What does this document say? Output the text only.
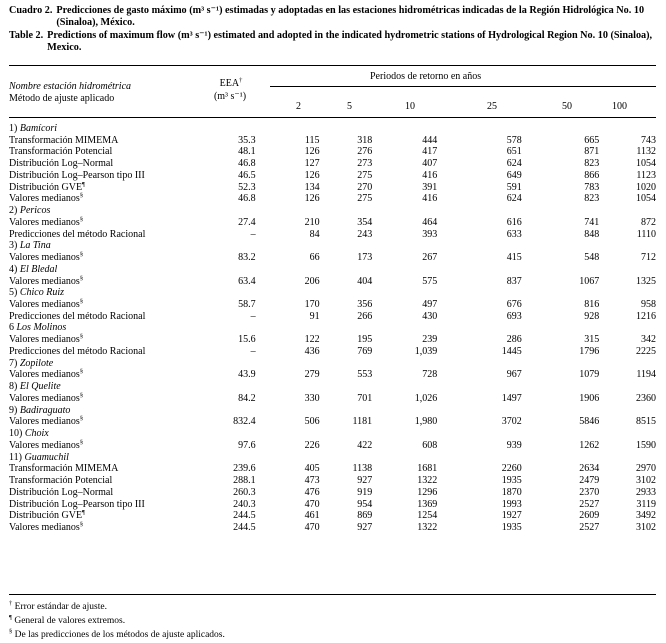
Cuadro 2. Predicciones de gasto máximo (m³ s⁻¹) estimadas y adoptadas en las estaciones hidrométricas indicadas de la Región Hidrológica No. 10 (Sinaloa), México.
Table 2. Predictions of maximum flow (m³ s⁻¹) estimated and adopted in the indicated hydrometric stations of Hydrological Region No. 10 (Sinaloa), Mexico.
Nombre estación hidrométrica
Método de ajuste aplicado
EEA†
(m³ s⁻¹)
Periodos de retorno en años
2	5	10	25	50	100
1) Bamícori								
Transformación MIMEMA	35.3		115	318	444	578	665	743
Transformación Potencial	48.1		126	276	417	651	871	1132
Distribución Log–Normal	46.8		127	273	407	624	823	1054
Distribución Log–Pearson tipo III	46.5		126	275	416	649	866	1123
Distribución GVE¶	52.3		134	270	391	591	783	1020
Valores medianos§	46.8		126	275	416	624	823	1054
2) Pericos								
Valores medianos§	27.4		210	354	464	616	741	872
Predicciones del método Racional	–		84	243	393	633	848	1110
3) La Tina								
Valores medianos§	83.2		66	173	267	415	548	712
4) El Bledal								
Valores medianos§	63.4		206	404	575	837	1067	1325
5) Chico Ruiz								
Valores medianos§	58.7		170	356	497	676	816	958
Predicciones del método Racional	–		91	266	430	693	928	1216
6 Los Molinos								
Valores medianos§	15.6		122	195	239	286	315	342
Predicciones del método Racional	–		436	769	1,039	1445	1796	2225
7) Zopilote								
Valores medianos§	43.9		279	553	728	967	1079	1194
8) El Quelite								
Valores medianos§	84.2		330	701	1,026	1497	1906	2360
9) Badiraguato								
Valores medianos§	832.4		506	1181	1,980	3702	5846	8515
10) Choix								
Valores medianos§	97.6		226	422	608	939	1262	1590
11) Guamuchil								
Transformación MIMEMA	239.6		405	1138	1681	2260	2634	2970
Transformación Potencial	288.1		473	927	1322	1935	2479	3102
Distribución Log–Normal	260.3		476	919	1296	1870	2370	2933
Distribución Log–Pearson tipo III	240.3		470	954	1369	1993	2527	3119
Distribución GVE¶	244.5		461	869	1254	1927	2609	3492
Valores medianos§	244.5		470	927	1322	1935	2527	3102
† Error estándar de ajuste.
¶ General de valores extremos.
§ De las predicciones de los métodos de ajuste aplicados.
